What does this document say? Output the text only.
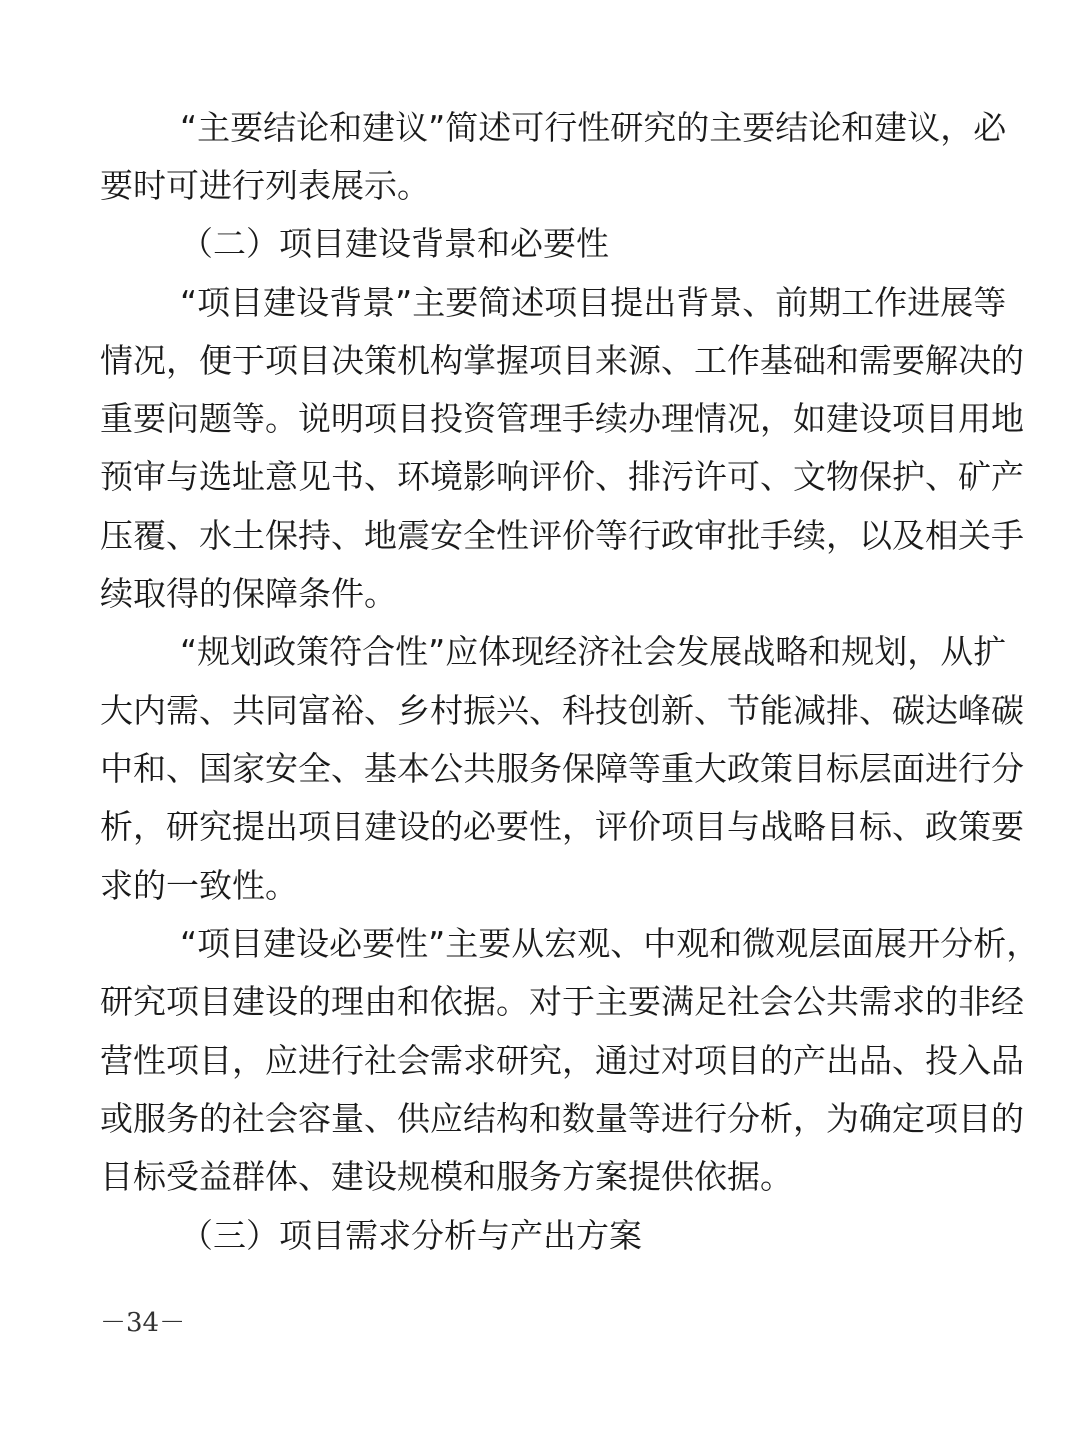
“主要结论和建议”简述可行性研究的主要结论和建议，必
要时可进行列表展示。
（二）项目建设背景和必要性
“项目建设背景”主要简述项目提出背景、前期工作进展等
情况，便于项目决策机构掌握项目来源、工作基础和需要解决的
重要问题等。说明项目投资管理手续办理情况，如建设项目用地
预审与选址意见书、环境影响评价、排污许可、文物保护、矿产
压覆、水土保持、地震安全性评价等行政审批手续，以及相关手
续取得的保障条件。
“规划政策符合性”应体现经济社会发展战略和规划，从扩
大内需、共同富裕、乡村振兴、科技创新、节能减排、碳达峰碳
中和、国家安全、基本公共服务保障等重大政策目标层面进行分
析，研究提出项目建设的必要性，评价项目与战略目标、政策要
求的一致性。
“项目建设必要性”主要从宏观、中观和微观层面展开分析，
研究项目建设的理由和依据。对于主要满足社会公共需求的非经
营性项目，应进行社会需求研究，通过对项目的产出品、投入品
或服务的社会容量、供应结构和数量等进行分析，为确定项目的
目标受益群体、建设规模和服务方案提供依据。
（三）项目需求分析与产出方案
－34－
